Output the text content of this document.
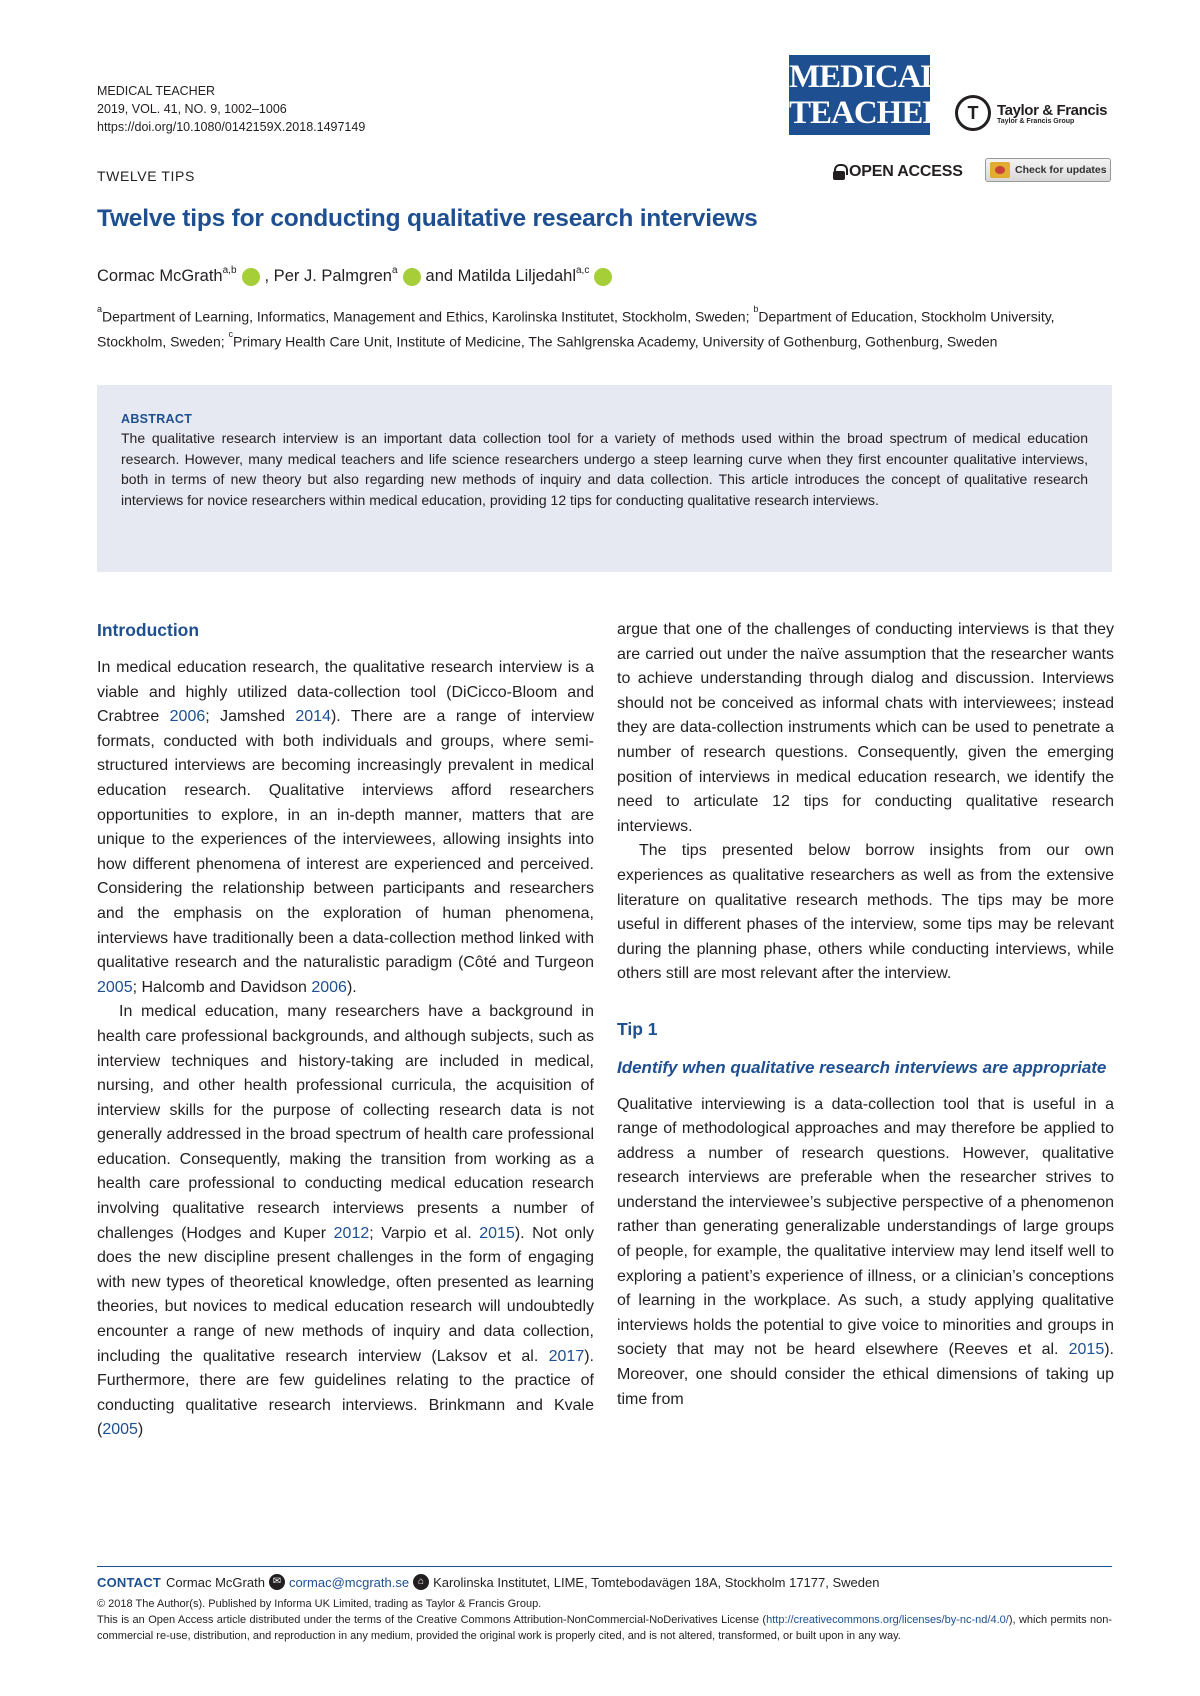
MEDICAL TEACHER
2019, VOL. 41, NO. 9, 1002–1006
https://doi.org/10.1080/0142159X.2018.1497149
MEDICAL
TEACHER	T	Taylor & Francis
Taylor & Francis Group
TWELVE TIPS	OPEN ACCESS	Check for updates
Twelve tips for conducting qualitative research interviews
Cormac McGrath$^{a,b}$ , Per J. Palmgren$^a$ and Matilda Liljedahl$^{a,c}$
$^a$Department of Learning, Informatics, Management and Ethics, Karolinska Institutet, Stockholm, Sweden; $^b$Department of Education, Stockholm University, Stockholm, Sweden; $^c$Primary Health Care Unit, Institute of Medicine, The Sahlgrenska Academy, University of Gothenburg, Gothenburg, Sweden
ABSTRACT
The qualitative research interview is an important data collection tool for a variety of methods used within the broad spectrum of medical education research. However, many medical teachers and life science researchers undergo a steep learning curve when they first encounter qualitative interviews, both in terms of new theory but also regarding new methods of inquiry and data collection. This article introduces the concept of qualitative research interviews for novice researchers within medical education, providing 12 tips for conducting qualitative research interviews.
Introduction

In medical education research, the qualitative research interview is a viable and highly utilized data-collection tool (DiCicco-Bloom and Crabtree 2006; Jamshed 2014). There are a range of interview formats, conducted with both individuals and groups, where semi-structured interviews are becoming increasingly prevalent in medical education research. Qualitative interviews afford researchers opportunities to explore, in an in-depth manner, matters that are unique to the experiences of the interviewees, allowing insights into how different phenomena of interest are experienced and perceived. Considering the relationship between participants and researchers and the emphasis on the exploration of human phenomena, interviews have traditionally been a data-collection method linked with qualitative research and the naturalistic paradigm (Côté and Turgeon 2005; Halcomb and Davidson 2006).

In medical education, many researchers have a background in health care professional backgrounds, and although subjects, such as interview techniques and history-taking are included in medical, nursing, and other health professional curricula, the acquisition of interview skills for the purpose of collecting research data is not generally addressed in the broad spectrum of health care professional education. Consequently, making the transition from working as a health care professional to conducting medical education research involving qualitative research interviews presents a number of challenges (Hodges and Kuper 2012; Varpio et al. 2015). Not only does the new discipline present challenges in the form of engaging with new types of theoretical knowledge, often presented as learning theories, but novices to medical education research will undoubtedly encounter a range of new methods of inquiry and data collection, including the qualitative research interview (Laksov et al. 2017). Furthermore, there are few guidelines relating to the practice of conducting qualitative research interviews. Brinkmann and Kvale (2005)

argue that one of the challenges of conducting interviews is that they are carried out under the naïve assumption that the researcher wants to achieve understanding through dialog and discussion. Interviews should not be conceived as informal chats with interviewees; instead they are data-collection instruments which can be used to penetrate a number of research questions. Consequently, given the emerging position of interviews in medical education research, we identify the need to articulate 12 tips for conducting qualitative research interviews.

The tips presented below borrow insights from our own experiences as qualitative researchers as well as from the extensive literature on qualitative research methods. The tips may be more useful in different phases of the interview, some tips may be relevant during the planning phase, others while conducting interviews, while others still are most relevant after the interview.

Tip 1
Identify when qualitative research interviews are appropriate

Qualitative interviewing is a data-collection tool that is useful in a range of methodological approaches and may therefore be applied to address a number of research questions. However, qualitative research interviews are preferable when the researcher strives to understand the interviewee’s subjective perspective of a phenomenon rather than generating generalizable understandings of large groups of people, for example, the qualitative interview may lend itself well to exploring a patient’s experience of illness, or a clinician’s conceptions of learning in the workplace. As such, a study applying qualitative interviews holds the potential to give voice to minorities and groups in society that may not be heard elsewhere (Reeves et al. 2015). Moreover, one should consider the ethical dimensions of taking up time from

CONTACT Cormac McGrath ✉ cormac@mcgrath.se ⌂ Karolinska Institutet, LIME, Tomtebodavägen 18A, Stockholm 17177, Sweden
© 2018 The Author(s). Published by Informa UK Limited, trading as Taylor & Francis Group.
This is an Open Access article distributed under the terms of the Creative Commons Attribution-NonCommercial-NoDerivatives License (http://creativecommons.org/licenses/by-nc-nd/4.0/), which permits non-commercial re-use, distribution, and reproduction in any medium, provided the original work is properly cited, and is not altered, transformed, or built upon in any way.
